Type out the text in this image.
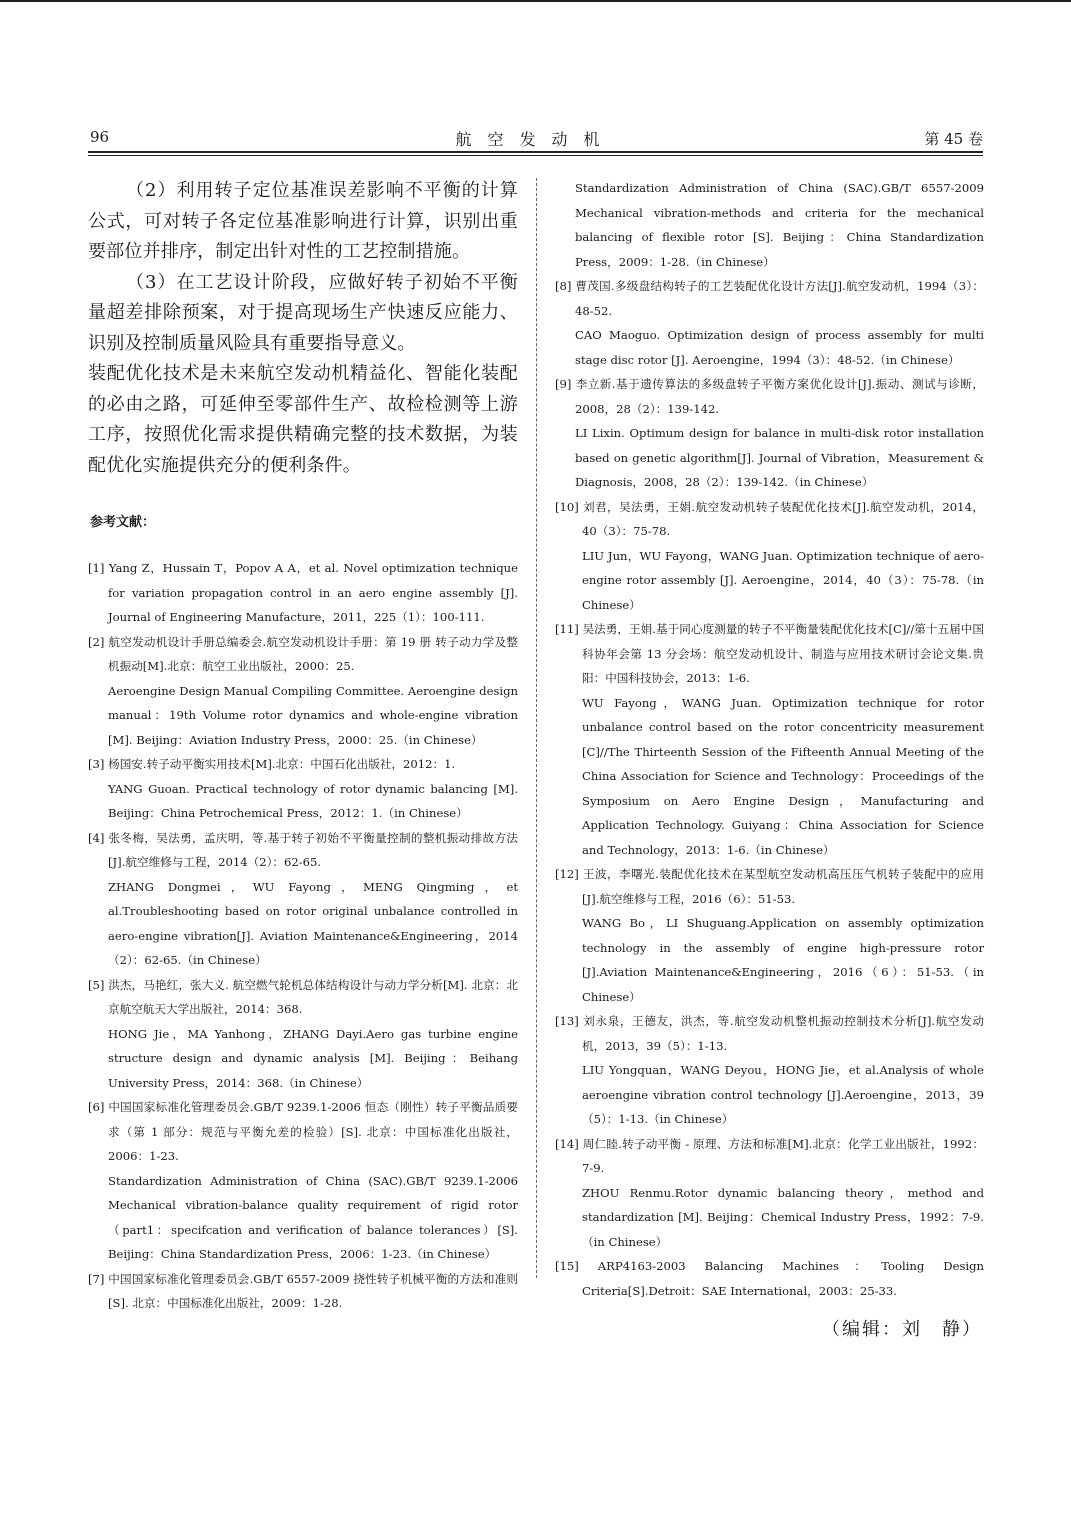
96	航空发动机	第 45 卷

（2）利用转子定位基准误差影响不平衡的计算公式，可对转子各定位基准影响进行计算，识别出重要部位并排序，制定出针对性的工艺控制措施。

（3）在工艺设计阶段，应做好转子初始不平衡量超差排除预案，对于提高现场生产快速反应能力、识别及控制质量风险具有重要指导意义。

装配优化技术是未来航空发动机精益化、智能化装配的必由之路，可延伸至零部件生产、故检检测等上游工序，按照优化需求提供精确完整的技术数据，为装配优化实施提供充分的便利条件。

参考文献：
[1] Yang Z，Hussain T，Popov A A，et al. Novel optimization technique for variation propagation control in an aero engine assembly [J]. Journal of Engineering Manufacture，2011，225（1）：100-111.
[2] 航空发动机设计手册总编委会.航空发动机设计手册：第 19 册 转子动力学及整机振动[M].北京：航空工业出版社，2000：25.
Aeroengine Design Manual Compiling Committee. Aeroengine design manual：19th Volume rotor dynamics and whole-engine vibration [M]. Beijing：Aviation Industry Press，2000：25.（in Chinese）
[3] 杨国安.转子动平衡实用技术[M].北京：中国石化出版社，2012：1.
YANG Guoan. Practical technology of rotor dynamic balancing [M]. Beijing：China Petrochemical Press，2012：1.（in Chinese）
[4] 张冬梅，吴法勇，孟庆明，等.基于转子初始不平衡量控制的整机振动排故方法[J].航空维修与工程，2014（2）：62-65.
ZHANG Dongmei，WU Fayong，MENG Qingming，et al.Troubleshooting based on rotor original unbalance controlled in aero-engine vibration[J]. Aviation Maintenance&Engineering，2014（2）：62-65.（in Chinese）
[5] 洪杰，马艳红，张大义. 航空燃气轮机总体结构设计与动力学分析[M]. 北京：北京航空航天大学出版社，2014：368.
HONG Jie，MA Yanhong，ZHANG Dayi.Aero gas turbine engine structure design and dynamic analysis [M]. Beijing：Beihang University Press，2014：368.（in Chinese）
[6] 中国国家标准化管理委员会.GB/T 9239.1-2006 恒态（刚性）转子平衡品质要求（第 1 部分：规范与平衡允差的检验）[S]. 北京：中国标准化出版社，2006：1-23.
Standardization Administration of China (SAC).GB/T 9239.1-2006 Mechanical vibration-balance quality requirement of rigid rotor（part1：specifcation and verification of balance tolerances）[S]. Beijing：China Standardization Press，2006：1-23.（in Chinese）
[7] 中国国家标准化管理委员会.GB/T 6557-2009 挠性转子机械平衡的方法和准则[S]. 北京：中国标准化出版社，2009：1-28.
Standardization Administration of China (SAC).GB/T 6557-2009 Mechanical vibration-methods and criteria for the mechanical balancing of flexible rotor [S]. Beijing：China Standardization Press，2009：1-28.（in Chinese）
[8] 曹茂国.多级盘结构转子的工艺装配优化设计方法[J].航空发动机，1994（3）：48-52.
CAO Maoguo. Optimization design of process assembly for multi stage disc rotor [J]. Aeroengine，1994（3）：48-52.（in Chinese）
[9] 李立新.基于遗传算法的多级盘转子平衡方案优化设计[J].振动、测试与诊断，2008，28（2）：139-142.
LI Lixin. Optimum design for balance in multi-disk rotor installation based on genetic algorithm[J]. Journal of Vibration，Measurement & Diagnosis，2008，28（2）：139-142.（in Chinese）
[10] 刘君，吴法勇，王娟.航空发动机转子装配优化技术[J].航空发动机，2014，40（3）：75-78.
LIU Jun，WU Fayong，WANG Juan. Optimization technique of aero-engine rotor assembly [J]. Aeroengine，2014，40（3）：75-78.（in Chinese）
[11] 吴法勇，王娟.基于同心度测量的转子不平衡量装配优化技术[C]//第十五届中国科协年会第 13 分会场：航空发动机设计、制造与应用技术研讨会论文集.贵阳：中国科技协会，2013：1-6.
WU Fayong，WANG Juan. Optimization technique for rotor unbalance control based on the rotor concentricity measurement [C]//The Thirteenth Session of the Fifteenth Annual Meeting of the China Association for Science and Technology：Proceedings of the Symposium on Aero Engine Design，Manufacturing and Application Technology. Guiyang：China Association for Science and Technology，2013：1-6.（in Chinese）
[12] 王波，李曙光.装配优化技术在某型航空发动机高压压气机转子装配中的应用[J].航空维修与工程，2016（6）：51-53.
WANG Bo，LI Shuguang.Application on assembly optimization technology in the assembly of engine high-pressure rotor [J].Aviation Maintenance&Engineering，2016（6）：51-53.（in Chinese）
[13] 刘永泉，王德友，洪杰，等.航空发动机整机振动控制技术分析[J].航空发动机，2013，39（5）：1-13.
LIU Yongquan，WANG Deyou，HONG Jie，et al.Analysis of whole aeroengine vibration control technology [J].Aeroengine，2013，39（5）：1-13.（in Chinese）
[14] 周仁睦.转子动平衡 - 原理、方法和标准[M].北京：化学工业出版社，1992：7-9.
ZHOU Renmu.Rotor dynamic balancing theory，method and standardization [M]. Beijing：Chemical Industry Press，1992：7-9.（in Chinese）
[15] ARP4163-2003 Balancing Machines：Tooling Design Criteria[S].Detroit：SAE International，2003：25-33.
（编辑：刘　静）
